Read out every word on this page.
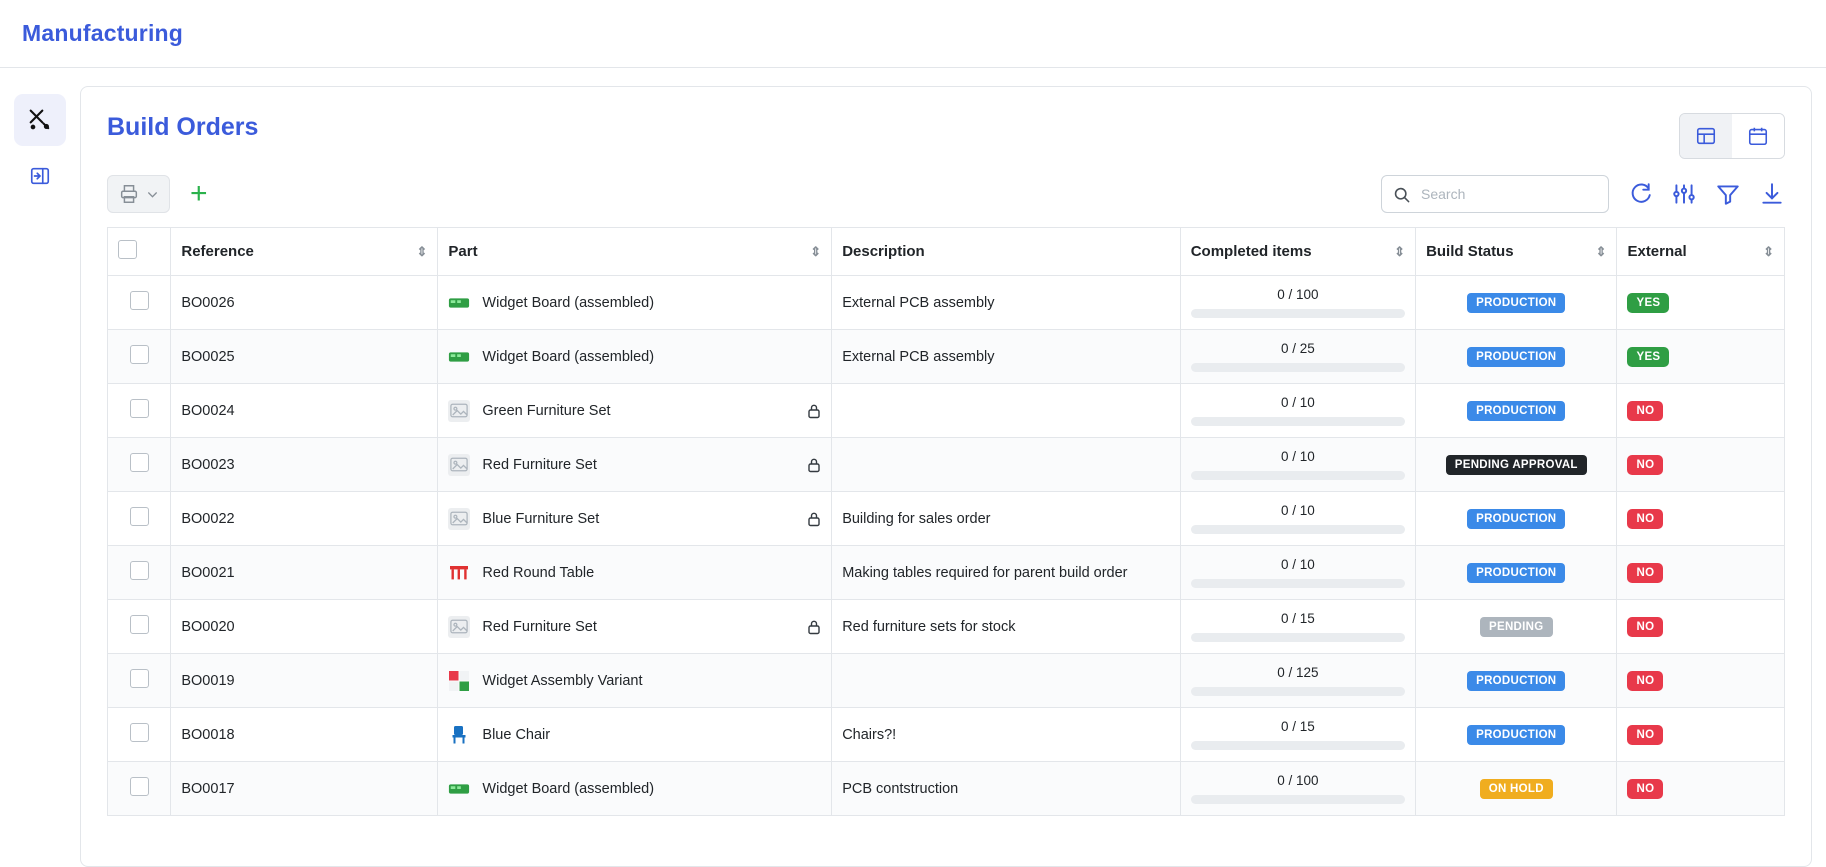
Manufacturing
Build Orders
+
Search

	Reference ⇕	Part ⇕	Description	Completed items ⇕	Build Status ⇕	External ⇕

	BO0026	Widget Board (assembled)	External PCB assembly	0 / 100	PRODUCTION	YES
	BO0025	Widget Board (assembled)	External PCB assembly	0 / 25	PRODUCTION	YES
	BO0024	Green Furniture Set		0 / 10	PRODUCTION	NO
	BO0023	Red Furniture Set		0 / 10	PENDING APPROVAL	NO
	BO0022	Blue Furniture Set	Building for sales order	0 / 10	PRODUCTION	NO
	BO0021	Red Round Table	Making tables required for parent build order	0 / 10	PRODUCTION	NO
	BO0020	Red Furniture Set	Red furniture sets for stock	0 / 15	PENDING	NO
	BO0019	Widget Assembly Variant		0 / 125	PRODUCTION	NO
	BO0018	Blue Chair	Chairs?!	0 / 15	PRODUCTION	NO
	BO0017	Widget Board (assembled)	PCB contstruction	0 / 100	ON HOLD	NO
